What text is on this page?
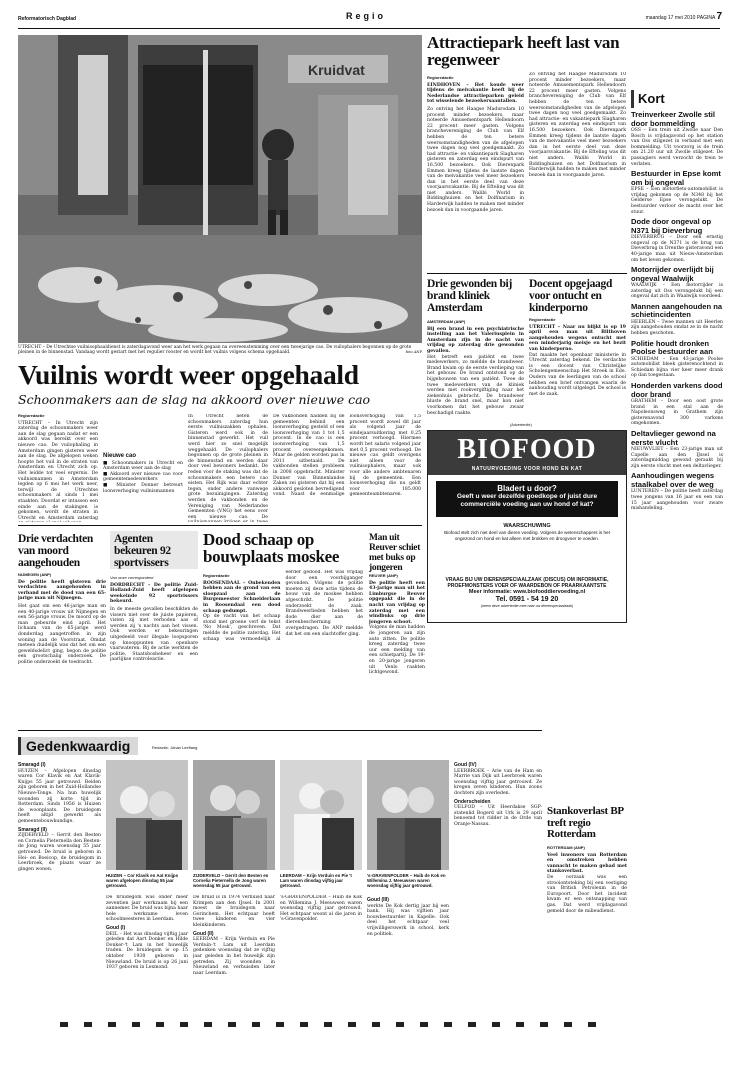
Reformatorisch Dagblad	Regio	maandag 17 mei 2010 PAGINA 7
Kruidvat
UTRECHT – De Utrechtse vuilnisophaaldienst is zaterdagavond weer aan het werk gegaan na overeenstemming over een tweejarige cao. De vuilophalers begonnen op de grote pleinen in de binnenstad. Vandaag wordt gestart met het regulier rooster en wordt het vuilnis volgens schema opgehaald.	foto ANP
Vuilnis wordt weer opgehaald
Schoonmakers aan de slag na akkoord over nieuwe cao
Regioredactie
UTRECHT – In Utrecht zijn zaterdag de schoonmakers weer aan de slag gegaan nadat er een akkoord was bereikt over een nieuwe cao. De vuilophaling in Amsterdam gingen gisteren weer aan de slag. De afgelopen weken hoopte het vuil in de straten van Amsterdam en Utrecht zich op. Het leidde tot veel ergernis. De vuilnismannen in Amsterdam legden op 6 mei het werk neer, terwijl de Utrechtse schoonmakers al sinds 1 mei staakten. Doordat er intussen een einde aan de stakingen is gekomen, wordt de straten in Utrecht en Amsterdam zaterdag
Nieuwe cao
■ Schoonmakers in Utrecht en Amsterdam weer aan de slag
■ Akkoord over nieuwe cao voor gemeentemedewerkers
■ Minister Donner betreurt loonsverhoging vuilnismannen
In Utrecht lieten de schoonmakers zaterdag hun eerste vuilniszakken ophalen. Gisteren werd ook in de binnenstad gewerkt. Het vuil werd hier zo snel mogelijk weggehaald. De vuilophalers begonnen op de grote pleinen in de binnenstad en werden daar door veel bewoners bedankt. De reden voor de staking was dat de schoonmakers een betere cao eisten. Het Rijk was daar echter tegen, onder andere vanwege grote bezuinigingen. Zaterdag werden de vakbonden en de Vereniging van Nederlandse Gemeenten (VNG) het eens over een nieuwe cao. De
De vakbonden hadden bij de gemeenten behind een loonsverhoging gesteld of een loonsverhoging van 1 tot 1,5 procent. In de cao is een loonsverhoging van 1,5 procent overeengekomen. Maar de gelden worden pas in 2011 uitbetaald. De vakbonden stellen probleem in 2008 opgebracht. Minister Donner van Binnenlandse Zaken zei gisteren dat hij een akkoord gesloten bevredigend vond. Naast de eenmalige loonsverhoging van 1,5 procent wordt zowel dit jaar als volgend jaar de eindejaarsuitkering met 0,25 procent verhoogd. Hiermee wordt het salaris volgend jaar met 0,5 procent verhoogd. De nieuwe cao geldt overigens niet alleen voor de vuilnisophalers, maar ook voor alle andere ambtenaren bij de gemeenten. Een loonsverhoging die nu geldt voor 185.000 gemeenteambtenaren.
Attractiepark heeft last van regenweer
Regioredactie
EINDHOVEN – Het koude weer tijdens de meivakantie heeft bij de Nederlandse attractieparken geleid tot wisselende bezoekersaantallen.
Zo ontving het Haagse Madurodam 10 procent minder bezoekers, maar noteerde Amusementspark Hellendoorn 22 procent meer gasten. Volgens branchevereniging de Club van Elf hebben de ten betere weersomstandigheden van de afgelopen twee dagen nog veel goedgemaakt. Zo had attractie- en vakantiepark Slagharen gisteren en zaterdag een eindspurt van 16.500 bezoekers. Ook Dierenpark Emmen kreeg tijdens de laatste dagen van de meivakantie veel meer bezoekers dan in het eerste deel van deze voorjaarsvakantie. Bij de Efteling was dit niet anders. Walibi World in Biddinghuizen en het Dolfinarium in Harderwijk hadden te maken met minder bezoek dan in voorgaande jaren.
Zo ontving het Haagse Madurodam 10 procent minder bezoekers, maar noteerde Amusementspark Hellendoorn 22 procent meer gasten. Volgens branchevereniging de Club van Elf hebben de ten betere weersomstandigheden van de afgelopen twee dagen nog veel goedgemaakt. Zo had attractie- en vakantiepark Slagharen gisteren en zaterdag een eindspurt van 16.500 bezoekers. Ook Dierenpark Emmen kreeg tijdens de laatste dagen van de meivakantie veel meer bezoekers dan in het eerste deel van deze voorjaarsvakantie. Bij de Efteling was dit niet anders. Walibi World in Biddinghuizen en het Dolfinarium in Harderwijk hadden te maken met minder bezoek dan in voorgaande jaren.
Drie gewonden bij brand kliniek Amsterdam
AMSTERDAM (ANP)
Bij een brand in een psychiatrische instelling aan het Valeriusplein in Amsterdam zijn in de nacht van vrijdag op zaterdag drie gewonden gevallen.
Het betreft een patiënt en twee medewerkers, zo meldde de brandweer. Brand kwam op de eerste verdieping van het gebouw. De brand ontstond op de bijgebouwen van een patiënt. Twee de twee medewerkers van de kliniek werden met rookvergiftiging naar het ziekenhuis gebracht. De brandweer bluste de brand snel, maar kon niet voorkomen dat het gebouw zwaar beschadigd raakte.
Docent opgejaagd voor ontucht en kinderporno
Regioredactie
UTRECHT – Naar nu blijkt is op 19 april een man uit Bilthoven aangehouden wegens ontucht met een minderjarig meisje en het bezit van kinderporno.
Dat maakte het openbaar ministerie in Utrecht zaterdag bekend. De verdachte is een docent van Christelijke Scholengemeenschap Het Streek in Ede. Ouders van de leerlingen van de school hebben een brief ontvangen waarin de aanhouding wordt uitgelegd. De school is met de zaak.
(Advertentie)
BIOFOOD
NATUURVOEDING VOOR HOND EN KAT
Bladert u door?
Geeft u weer dezelfde goedkope of juist dure commerciële voeding aan uw hond of kat?
WAARSCHUWING
Biofood stelt zich niet deel van dieren voeding. Volgens de wetenschappers is het ongezond om hond en kat alleen met brokken en droogvoer te voeden.
VRAAG BIJ UW DIERENSPECIAALZAAK (DISCUS) OM INFORMATIE, PROEFMONSTERS VOER OF WAARDEBON OF PRAARKAANTSTE
Meer informatie: www.biofooddiervoeding.nl
Tel. 0591 - 54 19 20
(neem deze advertentie mee naar uw dierenspeciaalzaak)
Drie verdachten van moord aangehouden
NIJMEGEN (ANP)
De politie heeft gisteren drie verdachten aangehouden in verband met de dood van een 65-jarige man uit Nijmegen.
Het gaat om een 46-jarige man en een 40-jarige vrouw uit Nijmegen en een 56-jarige vrouw. De moord op de man gebeurde eind april. Het lichaam van de 65-jarige werd donderdag aangetroffen in zijn woning aan de Voorstraat. Omdat meteen duidelijk was dat het om een geweldsdelict ging, begon de politie een grootschalig onderzoek. De politie onderzoekt de toedracht.
Agenten bekeuren 92 sportvissers
Van onze correspondent
DORDRECHT – De politie Zuid-Holland-Zuid heeft afgelopen weekeinde 92 sportvissers bekeurd.
In de meeste gevallen beschikten de vissers niet over de juiste papieren, visten zij met verboden aas of werden zij 's nachts aan het vissen. Ook werden er bekeuringen uitgedeeld voor illegale loopsporen op knooppunten van openbare vaarwateren. Bij de actie werkten de politie, Staatsbosbeheer en een jaarlijkse controleactie.
Dood schaap op bouwplaats moskee
Regioredactie
ROOSENDAAL – Onbekenden hebben aan de grond van een sloopzaal aan de Burgemeester Schneiderlaan in Roosendaal een dood schaap gedumpt.
Op de vacht van het schaap stond met groene verf de tekst 'No Mosk', geschreven. Dat meldde de politie zaterdag. Het schaap was vermoedelijk al eerder gedood. Het was vrijdag door een voorbijganger gevonden. Volgens de politie moeten zij deze actie tijdens de bouw van de moskee hebben afgeschrikt. De politie onderzoekt de zaak. Brandweerlieden hebben het dode dier aan de dierenbescherming overgedragen. De ANP meldde dat het om een slachtoffer ging.
Man uit Reuver schiet met buks op jongeren
REUVER (ANP)
De politie heeft een 43-jarige man uit het Limburgse Reuver opgepakt die in de nacht van vrijdag op zaterdag met een windbuks op drie jongeren schoot.
Volgens de man hadden de jongeren aan zijn auto zitten. De politie kreeg zaterdag twee uur een melding van een schietpartij. De 19- en 20-jarige jongeren uit Venlo raakten lichtgewond.
Kort
Treinverkeer Zwolle stil door bommelding

OSS – Een trein uit Zwolle naar Den Bosch is vrijdagavond op het station van Oss stilgezet in verband met een bommelding. Uit voorzorg is de trein om 21.20 uur uit Zwolle stilgezet. De passagiers werd verzocht de trein te verlaten.

Bestuurder in Epse komt om bij ongeval

EPSE – Een motorfiets-automobilist is vrijdag gekomen op de N348 bij het Gelderse Epse verongelukt. De bestuurder verloor de macht over het stuur.

Dode door ongeval op N371 bij Dieverbrug

DIEVERBRUG – Door een ernstig ongeval op de N371 is de brug van Dieverbrug in Drenthe gisteravond een 40-jarige man uit Nieuw-Amsterdam om het leven gekomen.

Motorrijder overlijdt bij ongeval Waalwijk

WAALWIJK – Een motorrijder is zaterdag uit Oss verongelukt bij een ongeval dat zich in Waalwijk voordeed.

Mannen aangehouden na schietincidenten

HEERLEN – Twee mannen uit Heerlen zijn aangehouden omdat ze in de nacht hebben geschoten.

Politie houdt dronken Poolse bestuurder aan

SCHIEDAM – Een 43-jarige Poolse automobilist bleek gisterenochtend in Schiedam bijna vier keer meer drank op dan toegestaan.

Honderden varkens dood door brand

GRATHEM – Door een oost grote brand in een stal aan de Napoleonsweg in Grathem zijn gisterenavond 300 varkens omgekomen.

Deltavlieger gewond na eerste vlucht

NIEUWVLIET – Een 23-jarige man uit Capelle aan den IJssel is zaterdagmiddag gewond geraakt bij zijn eerste vlucht met een deltavlieger.

Aanhoudingen wegens staalkabel over de weg

LUNTEREN – De politie heeft zaterdag twee jongens van 16 jaar en een van 15 jaar aangehouden voor zware mishandeling.

Gedenkwaardig	Redactie: Johan Leeflang
Smaragd (I)

HUIZEN – Afgelopen dinsdag waren Cor Klavik en Aat Klavik-Knijps 55 jaar getrouwd. Beiden zijn geboren in het Zuid-Hollandse Nieuwe-Tonge. Na hun huwelijk woonden zij korte tijd in Rotterdam. Sinds 1956 is Huizen de woonplaats. De bruidegom heeft altijd gewerkt als gemeentebouwkundige.

Smaragd (II)

ZIJDERVELD – Gerrit den Besten en Cornelia Pieternella den Besten-de Jong waren woensdag 55 jaar getrouwd. De bruid is geboren in Hei- en Boeicop, de bruidegom in Leerbroek, de plaats waar ze gingen wonen.

HUIZEN – Cor Klavik en Aat Knijps waren afgelopen dinsdag 55 jaar getrouwd.
ZIJDERVELD – Gerrit den Besten en Cornelia Pieternella de Jong waren woensdag 55 jaar getrouwd.
LEERDAM – Krijn Verduin en Pie 't Lam waren dinsdag vijftig jaar getrouwd.
's-GRAVENPOLDER – Huib de Kok en Willemina J. Meeuwsen waren woensdag vijftig jaar getrouwd.

De bruidegom was onder meer zeventien jaar werkzaam bij een aannemer. De bruid was bijna haar hele werkzame leven schoolmeesteres in Leerdam.

Goud (I)

DEIL – Het was dinsdag vijftig jaar geleden dat Aart Donker en Hilde Donker-'t Lam in het huwelijk traden. De bruidegom is op 15 oktober 1938 geboren in Nieuwland. De bruid is op 26 juni 1937 geboren in Lexmond.

De bruid is in 1974 verhuisd naar Krimpen aan den IJssel. In 2001 moest de bruidegom naar Gorinchem. Het echtpaar heeft twee kinderen en vier kleinkinderen.

Goud (II)

LEERDAM – Krijn Verduin en Pie Verduin-'t Lam uit Leerdam gedenken woensdag dat ze vijftig jaar geleden in het huwelijk zijn getreden. Zij woonden in Nieuwland en verhuisden later naar Leerdam.

's-GRAVENPOLDER – Huib de Kok en Willemina J. Meeuwsen waren woensdag vijftig jaar getrouwd. Het echtpaar woont al die jaren in 's-Gravenpolder.

Goud (III)

werkte De Kok dertig jaar bij een bank. Hij was vijftien jaar bouwbestuurder in Kapelle. Ook deel het echtpaar veel vrijwilligerswerk in school, kerk en politiek.

Goud (IV)

LEERBROEK – Arie van de Ham en Marrie van Dijk uit Leerbroek waren woensdag vijftig jaar getrouwd. Ze kregen zeven kinderen. Hun zoons dochters zijn overleden.

Onderscheiden

UELFOD – Uit Heerdakse SGP-statenlid Bogerd uit Urk is 29 april benoemd tot ridder in de Orde van Oranje-Nassau.

Stankoverlast BP treft regio Rotterdam
ROTTERDAM (ANP)
Veel inwoners van Rotterdam en omstreken hebben vannacht te maken gehad met stankoverlast.
De oorzaak was een strooiontsteking bij een vestiging van British Petroleum in de Europoort. Door het incident kwam er een ontsnapping van gas. Dat werd vrijdagavond gemeld door de milieudienst.
